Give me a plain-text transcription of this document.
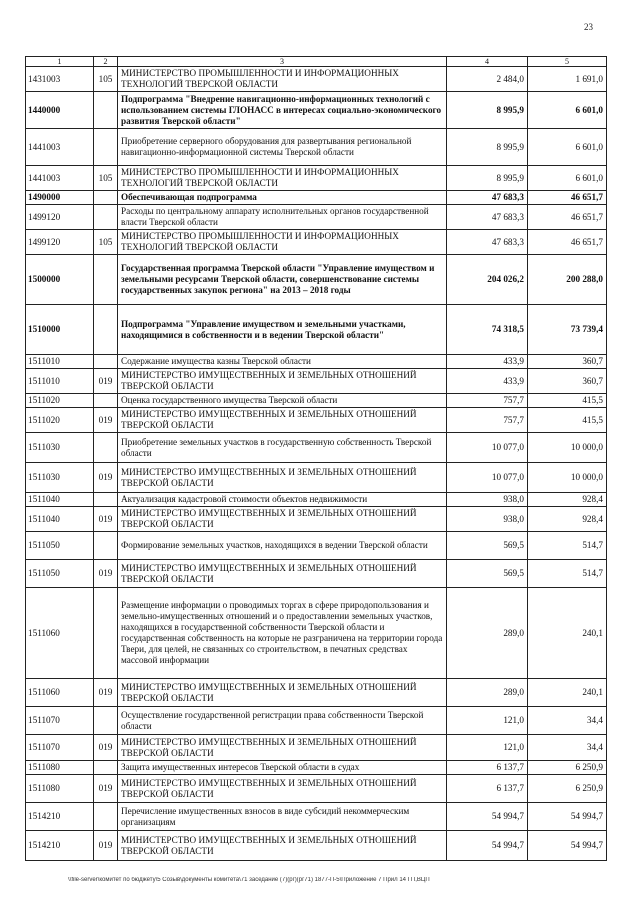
23
1	2	3	4	5
1431003	105	МИНИСТЕРСТВО ПРОМЫШЛЕННОСТИ И ИНФОРМАЦИОННЫХ ТЕХНОЛОГИЙ ТВЕРСКОЙ ОБЛАСТИ	2 484,0	1 691,0
1440000		Подпрограмма "Внедрение навигационно-информационных технологий с использованием системы ГЛОНАСС в интересах социально-экономического развития Тверской области"	8 995,9	6 601,0
1441003		Приобретение серверного оборудования для развертывания региональной навигационно-информационной системы Тверской области	8 995,9	6 601,0
1441003	105	МИНИСТЕРСТВО ПРОМЫШЛЕННОСТИ И ИНФОРМАЦИОННЫХ ТЕХНОЛОГИЙ ТВЕРСКОЙ ОБЛАСТИ	8 995,9	6 601,0
1490000		Обеспечивающая подпрограмма	47 683,3	46 651,7
1499120		Расходы по центральному аппарату исполнительных органов государственной власти Тверской области	47 683,3	46 651,7
1499120	105	МИНИСТЕРСТВО ПРОМЫШЛЕННОСТИ И ИНФОРМАЦИОННЫХ ТЕХНОЛОГИЙ ТВЕРСКОЙ ОБЛАСТИ	47 683,3	46 651,7
1500000		Государственная программа Тверской области "Управление имуществом и земельными ресурсами Тверской области, совершенствование системы государственных закупок региона" на 2013 – 2018 годы	204 026,2	200 288,0
1510000		Подпрограмма "Управление имуществом и земельными участками, находящимися в собственности и в ведении Тверской области"	74 318,5	73 739,4
1511010		Содержание имущества казны Тверской области	433,9	360,7
1511010	019	МИНИСТЕРСТВО ИМУЩЕСТВЕННЫХ И ЗЕМЕЛЬНЫХ ОТНОШЕНИЙ ТВЕРСКОЙ ОБЛАСТИ	433,9	360,7
1511020		Оценка государственного имущества Тверской области	757,7	415,5
1511020	019	МИНИСТЕРСТВО ИМУЩЕСТВЕННЫХ И ЗЕМЕЛЬНЫХ ОТНОШЕНИЙ ТВЕРСКОЙ ОБЛАСТИ	757,7	415,5
1511030		Приобретение земельных участков в государственную собственность Тверской области	10 077,0	10 000,0
1511030	019	МИНИСТЕРСТВО ИМУЩЕСТВЕННЫХ И ЗЕМЕЛЬНЫХ ОТНОШЕНИЙ ТВЕРСКОЙ ОБЛАСТИ	10 077,0	10 000,0
1511040		Актуализация кадастровой стоимости объектов недвижимости	938,0	928,4
1511040	019	МИНИСТЕРСТВО ИМУЩЕСТВЕННЫХ И ЗЕМЕЛЬНЫХ ОТНОШЕНИЙ ТВЕРСКОЙ ОБЛАСТИ	938,0	928,4
1511050		Формирование земельных участков, находящихся в ведении Тверской области	569,5	514,7
1511050	019	МИНИСТЕРСТВО ИМУЩЕСТВЕННЫХ И ЗЕМЕЛЬНЫХ ОТНОШЕНИЙ ТВЕРСКОЙ ОБЛАСТИ	569,5	514,7
1511060		Размещение информации о проводимых торгах в сфере природопользования и земельно-имущественных отношений и о предоставлении земельных участков, находящихся в государственной собственности Тверской области и государственная собственность на которые не разграничена на территории города Твери, для целей, не связанных со строительством, в печатных средствах массовой информации	289,0	240,1
1511060	019	МИНИСТЕРСТВО ИМУЩЕСТВЕННЫХ И ЗЕМЕЛЬНЫХ ОТНОШЕНИЙ ТВЕРСКОЙ ОБЛАСТИ	289,0	240,1
1511070		Осуществление государственной регистрации права собственности Тверской области	121,0	34,4
1511070	019	МИНИСТЕРСТВО ИМУЩЕСТВЕННЫХ И ЗЕМЕЛЬНЫХ ОТНОШЕНИЙ ТВЕРСКОЙ ОБЛАСТИ	121,0	34,4
1511080		Защита имущественных интересов Тверской области в судах	6 137,7	6 250,9
1511080	019	МИНИСТЕРСТВО ИМУЩЕСТВЕННЫХ И ЗЕМЕЛЬНЫХ ОТНОШЕНИЙ ТВЕРСКОЙ ОБЛАСТИ	6 137,7	6 250,9
1514210		Перечисление имущественных взносов в виде субсидий некоммерческим организациям	54 994,7	54 994,7
1514210	019	МИНИСТЕРСТВО ИМУЩЕСТВЕННЫХ И ЗЕМЕЛЬНЫХ ОТНОШЕНИЙ ТВЕРСКОЙ ОБЛАСТИ	54 994,7	54 994,7
\\file-server\комитет по бюджету\5 Созыв\документы комитета\71 заседание (7)(рг)(рг71) 1877-П-5\Приложение 7 Прил 14 ГП,ВЦП
